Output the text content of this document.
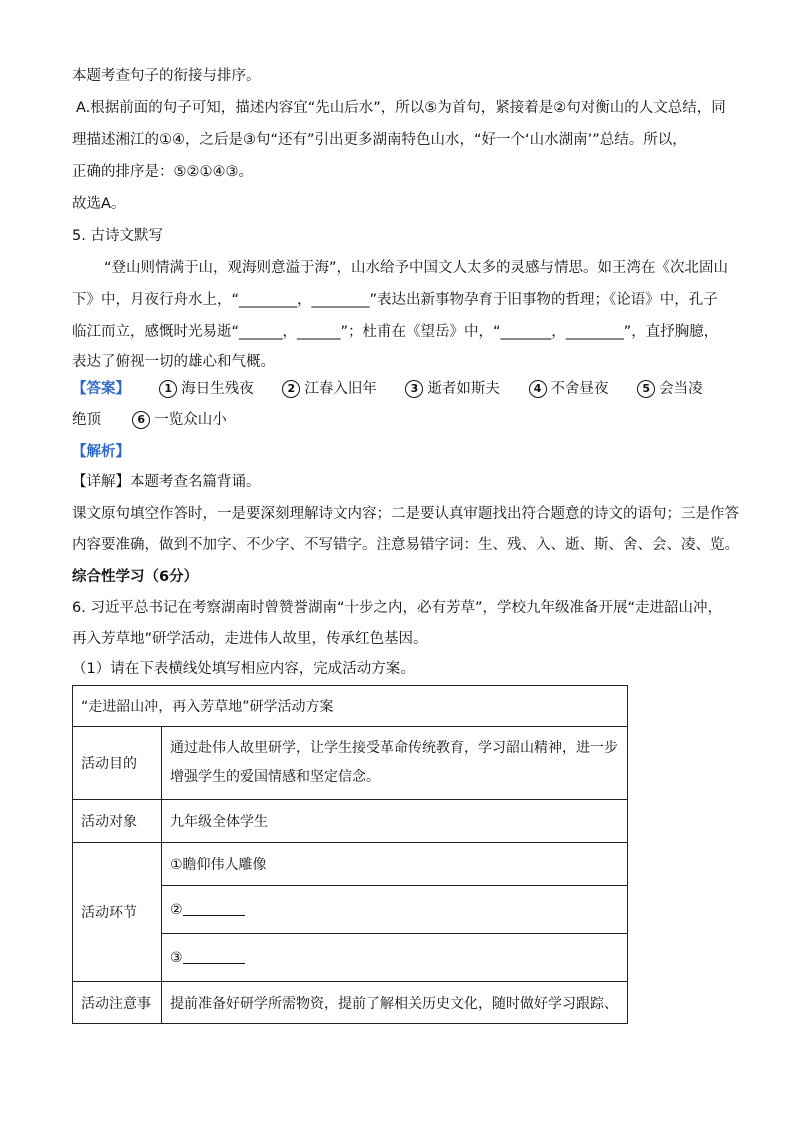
本题考查句子的衔接与排序。
A.根据前面的句子可知，描述内容宜“先山后水”，所以⑤为首句，紧接着是②句对衡山的人文总结，同
理描述湘江的①④，之后是③句“还有”引出更多湖南特色山水，“好一个‘山水湖南’”总结。所以，
正确的排序是：⑤②①④③。
故选A。
5. 古诗文默写
“登山则情满于山，观海则意溢于海”，山水给予中国文人太多的灵感与情思。如王湾在《次北固山
下》中，月夜行舟水上，“________，________”表达出新事物孕育于旧事物的哲理；《论语》中，孔子
临江而立，感慨时光易逝“______，______”；杜甫在《望岳》中，“_______，________”，直抒胸臆，
表达了俯视一切的雄心和气概。
【答案】	1 海日生残夜	2 江春入旧年	3 逝者如斯夫	4 不舍昼夜	5 会当凌
绝顶	6 一览众山小
【解析】
【详解】本题考查名篇背诵。
课文原句填空作答时，一是要深刻理解诗文内容；二是要认真审题找出符合题意的诗文的语句；三是作答
内容要准确，做到不加字、不少字、不写错字。注意易错字词：生、残、入、逝、斯、舍、会、凌、览。
综合性学习（6分）
6. 习近平总书记在考察湖南时曾赞誉湖南“十步之内，必有芳草”，学校九年级准备开展“走进韶山冲，
再入芳草地”研学活动，走进伟人故里，传承红色基因。
（1）请在下表横线处填写相应内容，完成活动方案。
“走进韶山冲，再入芳草地”研学活动方案	
活动目的	通过赴伟人故里研学，让学生接受革命传统教育，学习韶山精神，进一步
增强学生的爱国情感和坚定信念。

活动对象	九年级全体学生
活动环节	①瞻仰伟人雕像
	②
	③
活动注意事	提前准备好研学所需物资，提前了解相关历史文化，随时做好学习跟踪、
